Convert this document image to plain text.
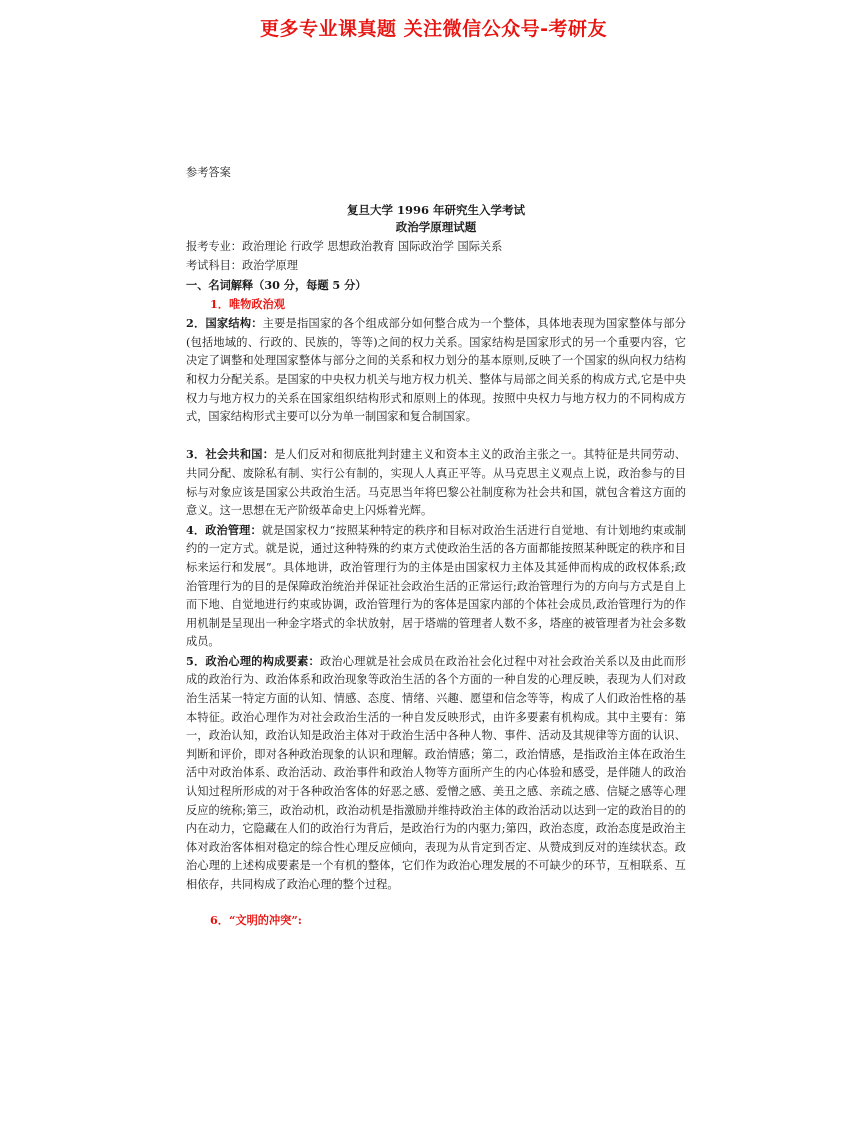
更多专业课真题 关注微信公众号-考研友
参考答案
复旦大学 1996 年研究生入学考试
政治学原理试题
报考专业：政治理论 行政学 思想政治教育 国际政治学 国际关系
考试科目：政治学原理
一、名词解释（30 分，每题 5 分）
1．唯物政治观
2．国家结构：主要是指国家的各个组成部分如何整合成为一个整体，具体地表现为国家整体与部分(包括地域的、行政的、民族的，等等)之间的权力关系。国家结构是国家形式的另一个重要内容，它决定了调整和处理国家整体与部分之间的关系和权力划分的基本原则,反映了一个国家的纵向权力结构和权力分配关系。是国家的中央权力机关与地方权力机关、整体与局部之间关系的构成方式,它是中央权力与地方权力的关系在国家组织结构形式和原则上的体现。按照中央权力与地方权力的不同构成方式，国家结构形式主要可以分为单一制国家和复合制国家。
3．社会共和国：是人们反对和彻底批判封建主义和资本主义的政治主张之一。其特征是共同劳动、共同分配、废除私有制、实行公有制的，实现人人真正平等。从马克思主义观点上说，政治参与的目标与对象应该是国家公共政治生活。马克思当年将巴黎公社制度称为社会共和国，就包含着这方面的意义。这一思想在无产阶级革命史上闪烁着光辉。
4．政治管理：就是国家权力“按照某种特定的秩序和目标对政治生活进行自觉地、有计划地约束或制约的一定方式。就是说，通过这种特殊的约束方式使政治生活的各方面都能按照某种既定的秩序和目标来运行和发展”。具体地讲，政治管理行为的主体是由国家权力主体及其延伸而构成的政权体系;政治管理行为的目的是保障政治统治并保证社会政治生活的正常运行;政治管理行为的方向与方式是自上而下地、自觉地进行约束或协调，政治管理行为的客体是国家内部的个体社会成员,政治管理行为的作用机制是呈现出一种金字塔式的伞状放射，居于塔端的管理者人数不多，塔座的被管理者为社会多数成员。
5．政治心理的构成要素：政治心理就是社会成员在政治社会化过程中对社会政治关系以及由此而形成的政治行为、政治体系和政治现象等政治生活的各个方面的一种自发的心理反映，表现为人们对政治生活某一特定方面的认知、情感、态度、情绪、兴趣、愿望和信念等等，构成了人们政治性格的基本特征。政治心理作为对社会政治生活的一种自发反映形式，由许多要素有机构成。其中主要有：第一，政治认知，政治认知是政治主体对于政治生活中各种人物、事件、活动及其规律等方面的认识、判断和评价，即对各种政治现象的认识和理解。政治情感；第二，政治情感，是指政治主体在政治生活中对政治体系、政治活动、政治事件和政治人物等方面所产生的内心体验和感受，是伴随人的政治认知过程所形成的对于各种政治客体的好恶之感、爱憎之感、美丑之感、亲疏之感、信疑之感等心理反应的统称;第三，政治动机，政治动机是指激励并维持政治主体的政治活动以达到一定的政治目的的内在动力，它隐藏在人们的政治行为背后，是政治行为的内驱力;第四，政治态度，政治态度是政治主体对政治客体相对稳定的综合性心理反应倾向，表现为从肯定到否定、从赞成到反对的连续状态。政治心理的上述构成要素是一个有机的整体，它们作为政治心理发展的不可缺少的环节，互相联系、互相依存，共同构成了政治心理的整个过程。
6．“文明的冲突”:
